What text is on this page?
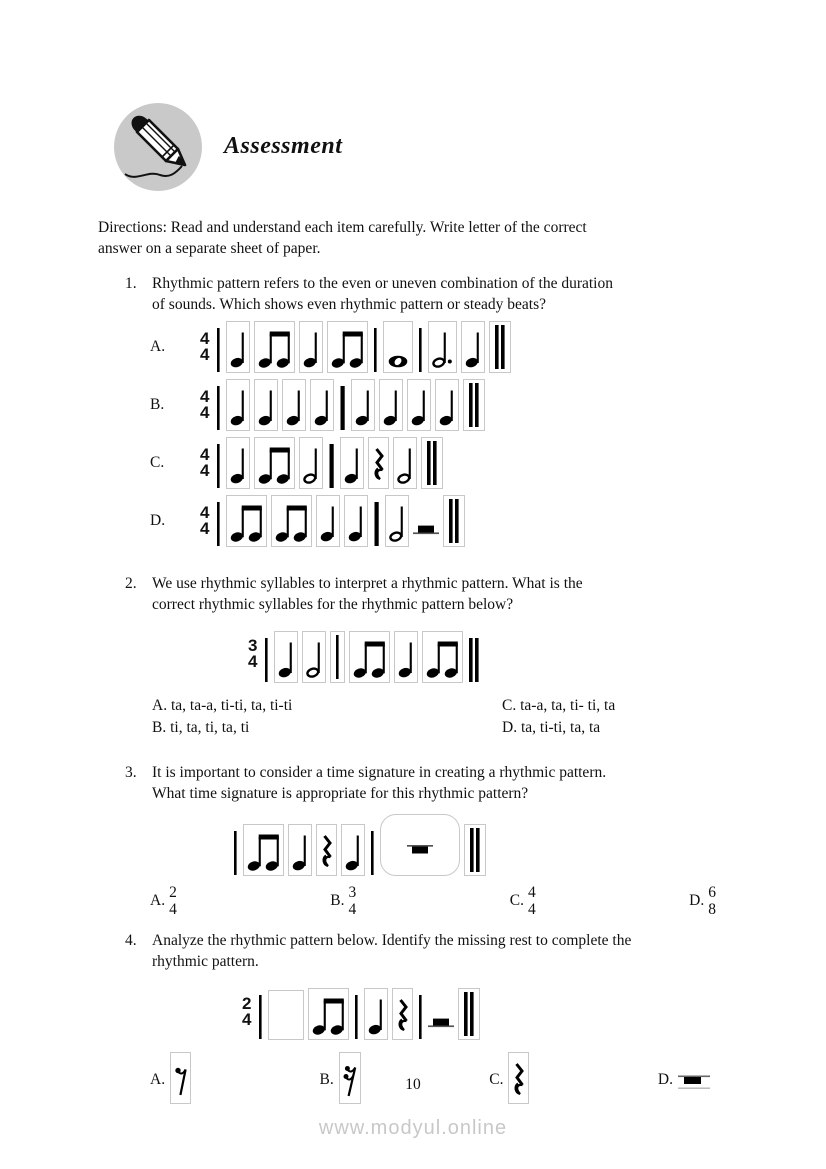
Assessment
Directions: Read and understand each item carefully. Write letter of the correct
answer on a separate sheet of paper.
1. Rhythmic pattern refers to the even or uneven combination of the duration
of sounds. Which shows even rhythmic pattern or steady beats?
A.	4
4
B.	4
4
C.	4
4
D.	4
4
2. We use rhythmic syllables to interpret a rhythmic pattern. What is the
correct rhythmic syllables for the rhythmic pattern below?
3
4
A. ta, ta-a, ti-ti, ta, ti-ti
B. ti, ta, ti, ta, ti
C. ta-a, ta, ti- ti, ta
D. ta, ti-ti, ta, ta
3. It is important to consider a time signature in creating a rhythmic pattern.
What time signature is appropriate for this rhythmic pattern?
A. 2
4
B. 3
4
C. 4
4
D. 6
8
4. Analyze the rhythmic pattern below. Identify the missing rest to complete the
rhythmic pattern.
2
4
A.	B.	C.	D.
10
www.modyul.online
